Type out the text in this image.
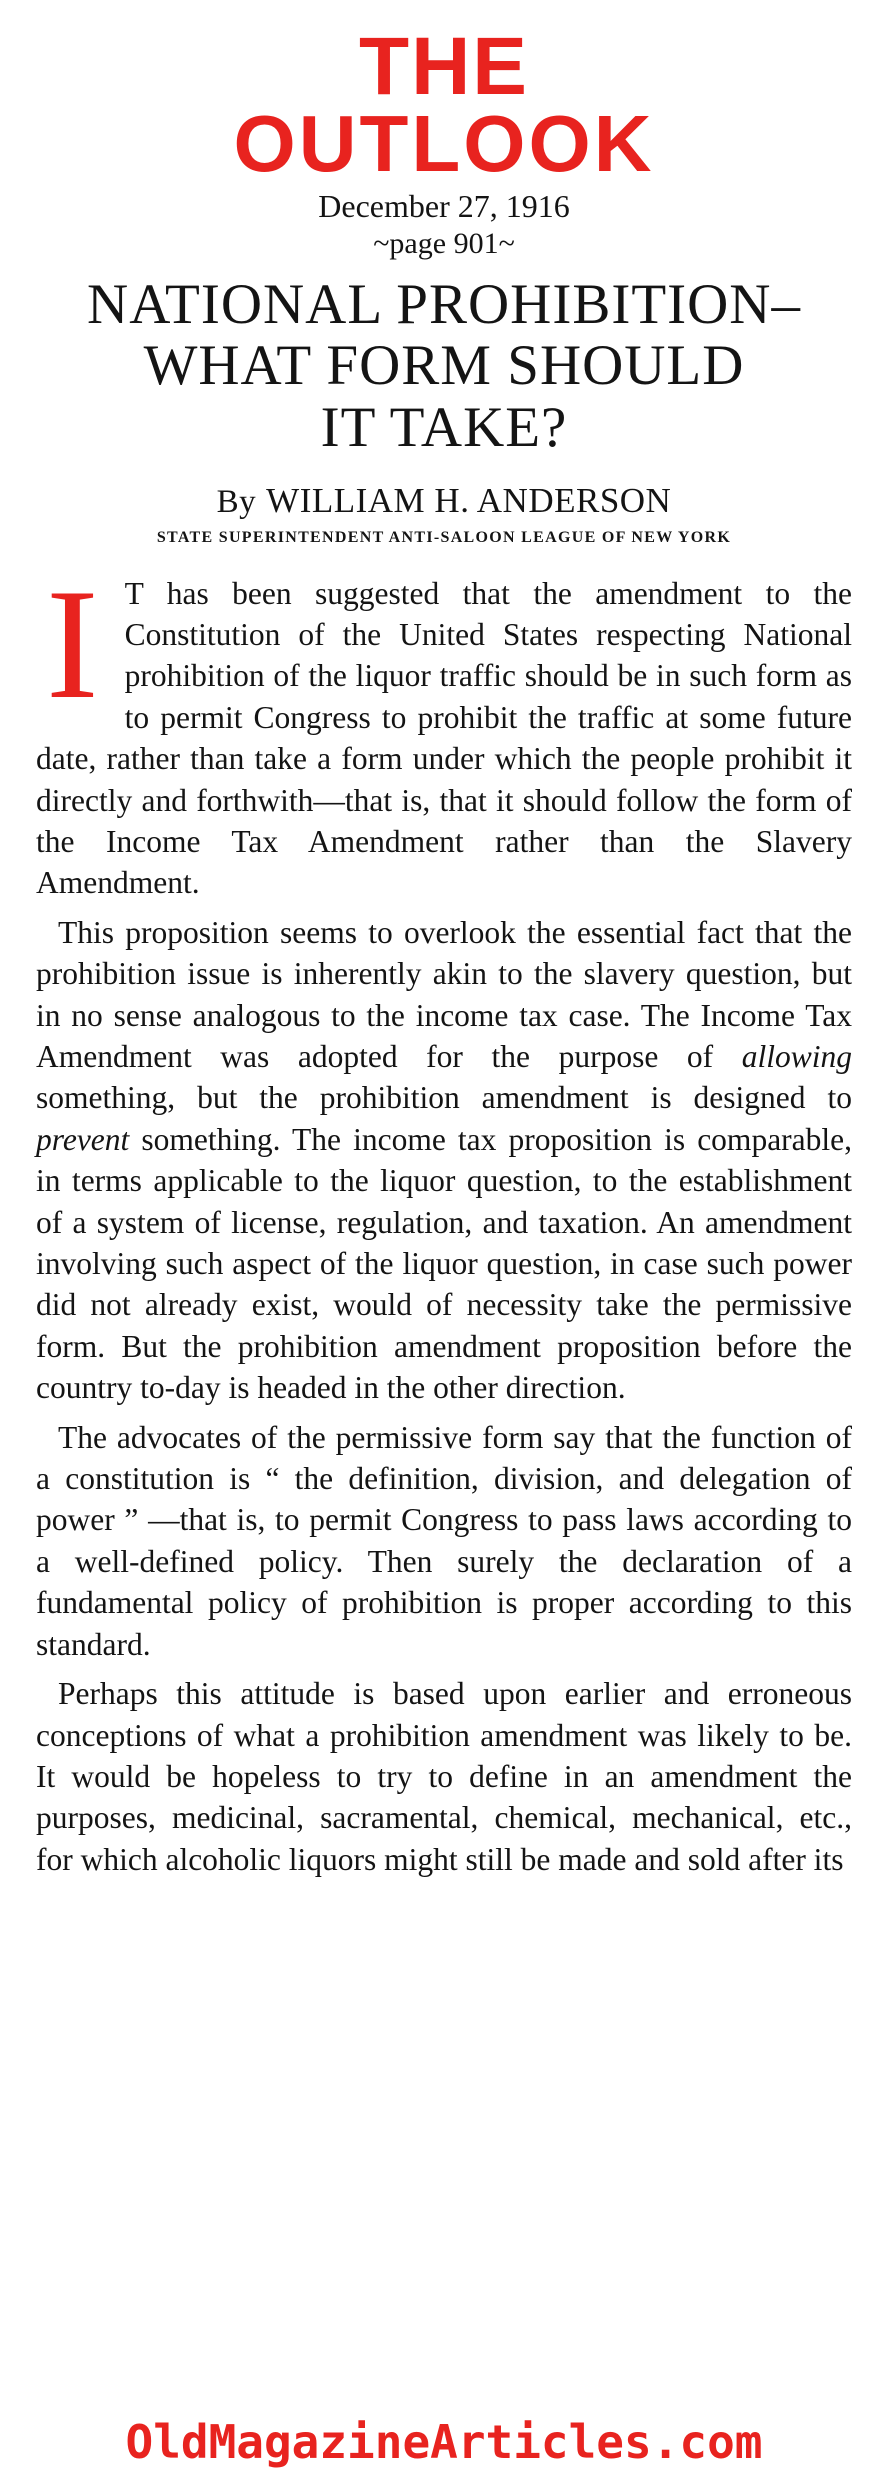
THE
OUTLOOK
December 27, 1916
~page 901~
NATIONAL PROHIBITION–
WHAT FORM SHOULD
IT TAKE?
By WILLIAM H. ANDERSON
STATE SUPERINTENDENT ANTI-SALOON LEAGUE OF NEW YORK

I T has been suggested that the amendment to the Constitution of the United States respecting National prohibition of the liquor traffic should be in such form as to permit Congress to prohibit the traffic at some future date, rather than take a form under which the people prohibit it directly and forthwith—that is, that it should follow the form of the Income Tax Amendment rather than the Slavery Amendment.

This proposition seems to overlook the essential fact that the prohibition issue is inherently akin to the slavery question, but in no sense analogous to the income tax case. The Income Tax Amendment was adopted for the purpose of allowing something, but the prohibition amendment is designed to prevent something. The income tax proposition is comparable, in terms applicable to the liquor question, to the establishment of a system of license, regulation, and taxation. An amendment involving such aspect of the liquor question, in case such power did not already exist, would of necessity take the permissive form. But the prohibition amendment proposition before the country to-day is headed in the other direction.

The advocates of the permissive form say that the function of a constitution is “ the definition, division, and delegation of power ” —that is, to permit Congress to pass laws according to a well-defined policy. Then surely the declaration of a fundamental policy of prohibition is proper according to this standard.

Perhaps this attitude is based upon earlier and erroneous conceptions of what a prohibition amendment was likely to be. It would be hopeless to try to define in an amendment the purposes, medicinal, sacramental, chemical, mechanical, etc., for which alcoholic liquors might still be made and sold after its

OldMagazineArticles.com
